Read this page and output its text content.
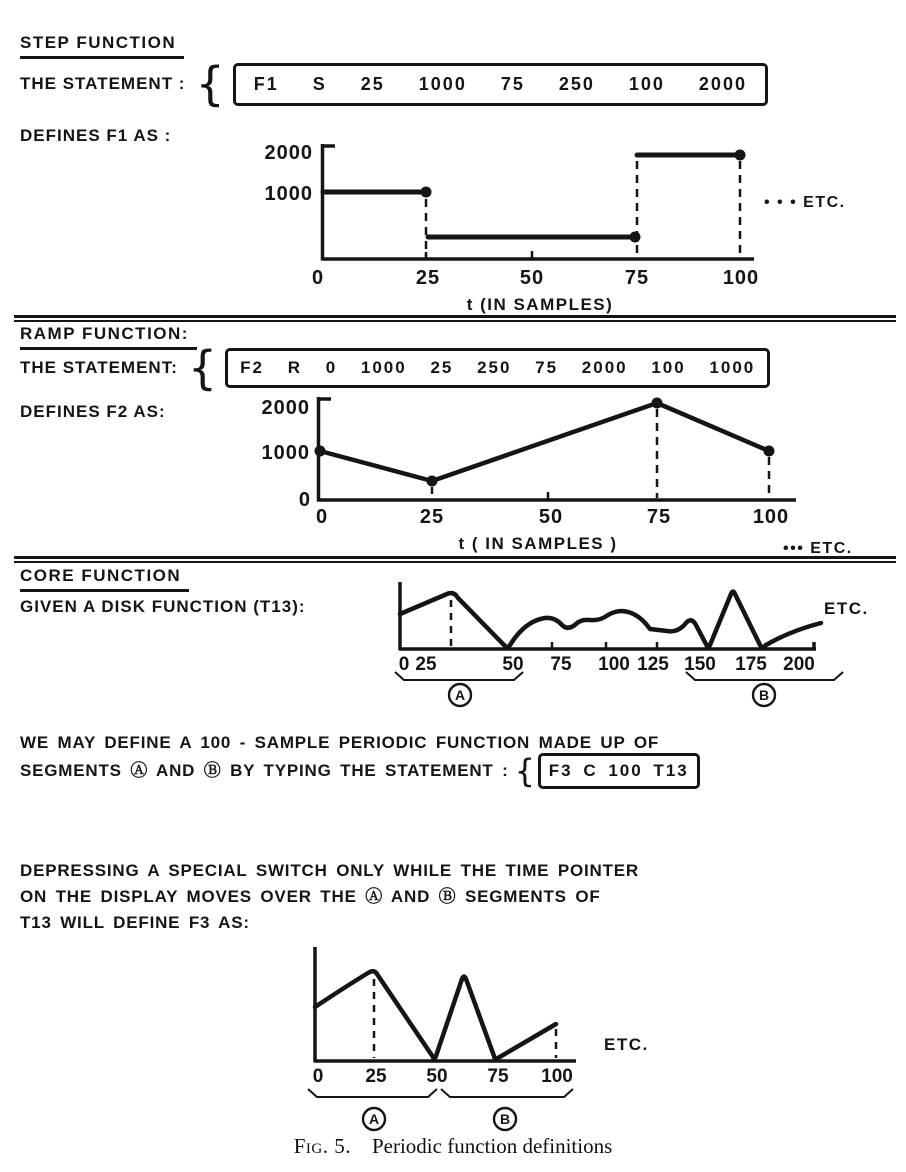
STEP FUNCTION
THE STATEMENT : {	F1 S 25 1000 75 250 100 2000
DEFINES F1 AS :
2000
1000
0	25	50	75	100
• • • ETC.
t (IN SAMPLES)
RAMP FUNCTION:
THE STATEMENT: {	F2 R 0 1000 25 250 75 2000 100 1000
DEFINES F2 AS:	2000
1000
0
0	25	50	75	100
••• ETC.
t ( IN SAMPLES )
CORE FUNCTION
GIVEN A DISK FUNCTION (T13):	ETC.
0 25	50 75 100 125 150 175 200
A	B
WE MAY DEFINE A 100 - SAMPLE PERIODIC FUNCTION MADE UP OF
SEGMENTS Ⓐ AND Ⓑ BY TYPING THE STATEMENT : { F3 C 100 T13
DEPRESSING A SPECIAL SWITCH ONLY WHILE THE TIME POINTER
ON THE DISPLAY MOVES OVER THE Ⓐ AND Ⓑ SEGMENTS OF
T13 WILL DEFINE F3 AS:
0 25 50 75 100
ETC.
A	B
Fig. 5. Periodic function definitions
